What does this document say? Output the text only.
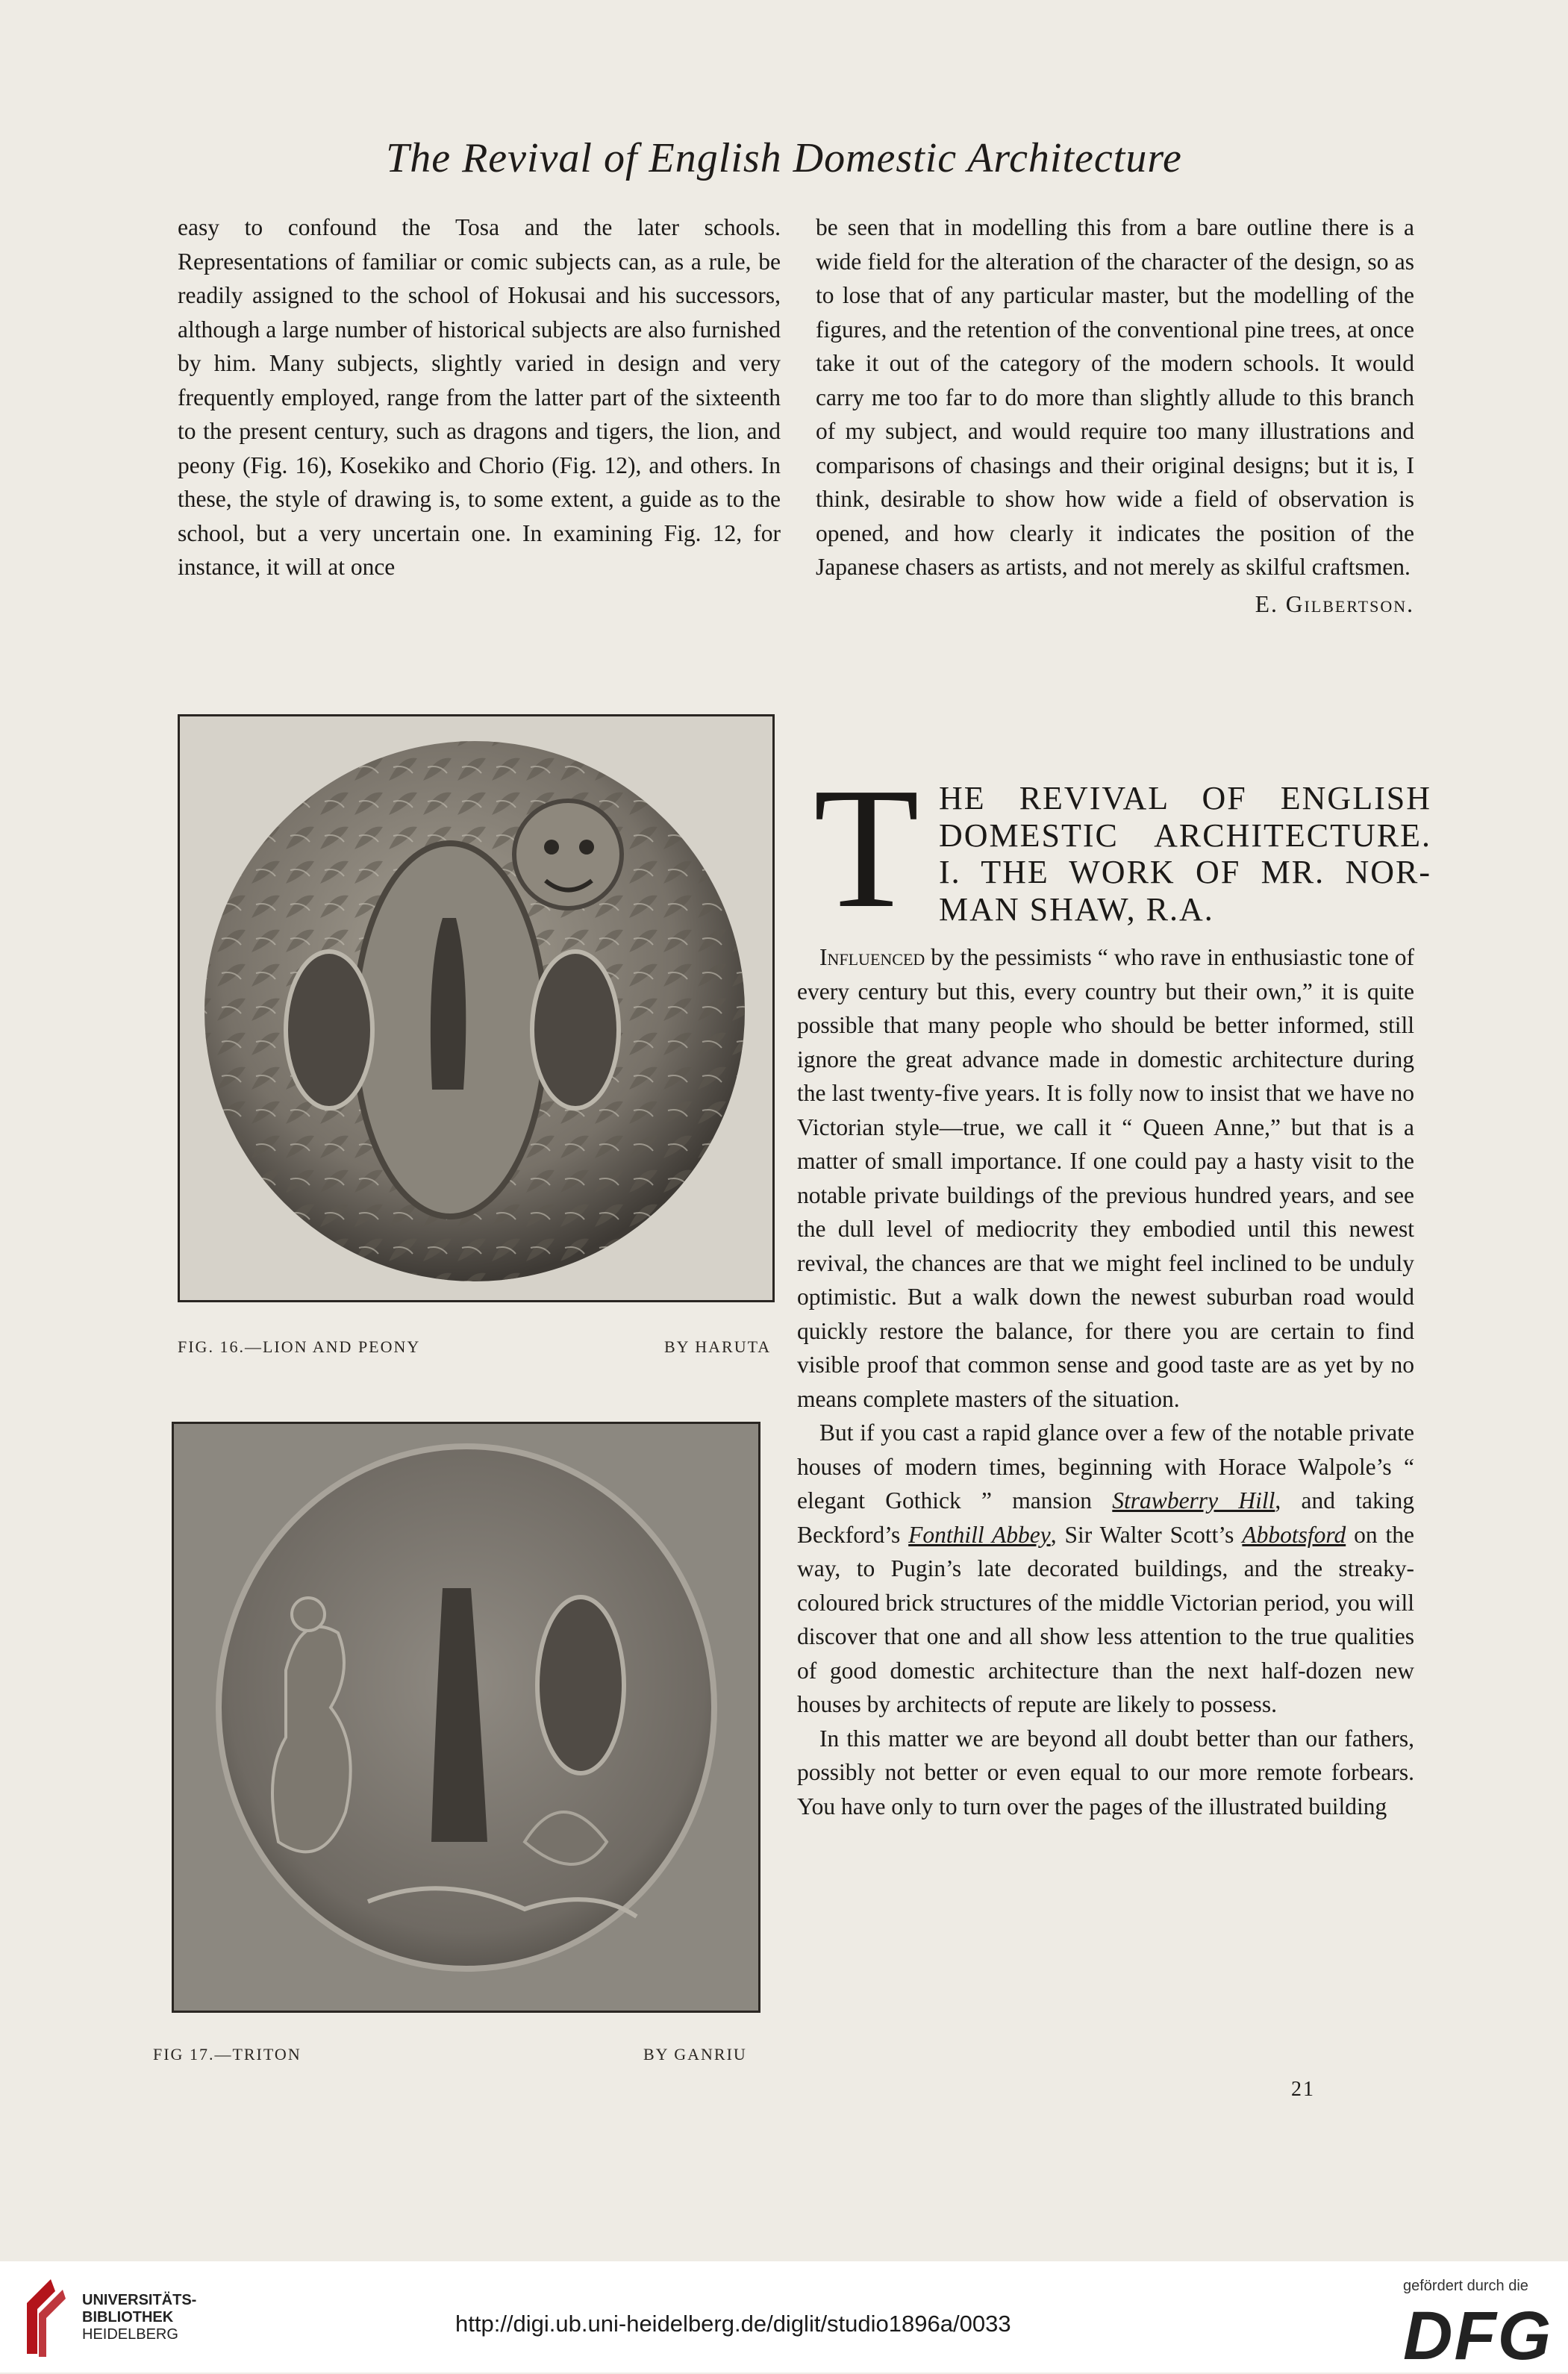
The Revival of English Domestic Architecture

easy to confound the Tosa and the later schools. Representations of familiar or comic subjects can, as a rule, be readily assigned to the school of Hokusai and his successors, although a large number of historical subjects are also furnished by him. Many subjects, slightly varied in design and very frequently employed, range from the latter part of the sixteenth to the present century, such as dragons and tigers, the lion, and peony (Fig. 16), Kosekiko and Chorio (Fig. 12), and others. In these, the style of drawing is, to some extent, a guide as to the school, but a very uncertain one. In examining Fig. 12, for instance, it will at once

be seen that in modelling this from a bare outline there is a wide field for the alteration of the character of the design, so as to lose that of any particular master, but the modelling of the figures, and the retention of the conventional pine trees, at once take it out of the category of the modern schools. It would carry me too far to do more than slightly allude to this branch of my subject, and would require too many illustrations and comparisons of chasings and their original designs; but it is, I think, desirable to show how wide a field of observation is opened, and how clearly it indicates the position of the Japanese chasers as artists, and not merely as skilful craftsmen.

E. Gilbertson.
T HE REVIVAL OF ENGLISH
DOMESTIC ARCHITECTURE.
I. THE WORK OF MR. NOR-
MAN SHAW, R.A.

Influenced by the pessimists “ who rave in enthusiastic tone of every century but this, every country but their own,” it is quite possible that many people who should be better informed, still ignore the great advance made in domestic architecture during the last twenty-five years. It is folly now to insist that we have no Victorian style—true, we call it “ Queen Anne,” but that is a matter of small importance. If one could pay a hasty visit to the notable private buildings of the previous hundred years, and see the dull level of mediocrity they embodied until this newest revival, the chances are that we might feel inclined to be unduly optimistic. But a walk down the newest suburban road would quickly restore the balance, for there you are certain to find visible proof that common sense and good taste are as yet by no means complete masters of the situation.

But if you cast a rapid glance over a few of the notable private houses of modern times, beginning with Horace Walpole’s “ elegant Gothick ” mansion Strawberry Hill, and taking Beckford’s Fonthill Abbey, Sir Walter Scott’s Abbotsford on the way, to Pugin’s late decorated buildings, and the streaky-coloured brick structures of the middle Victorian period, you will discover that one and all show less attention to the true qualities of good domestic architecture than the next half-dozen new houses by architects of repute are likely to possess.

In this matter we are beyond all doubt better than our fathers, possibly not better or even equal to our more remote forbears. You have only to turn over the pages of the illustrated building

FIG. 16.—LION AND PEONY	BY HARUTA
FIG 17.—TRITON	BY GANRIU
21
UNIVERSITÄTS-
BIBLIOTHEK
HEIDELBERG	http://digi.ub.uni-heidelberg.de/diglit/studio1896a/0033
gefördert durch die
DFG
